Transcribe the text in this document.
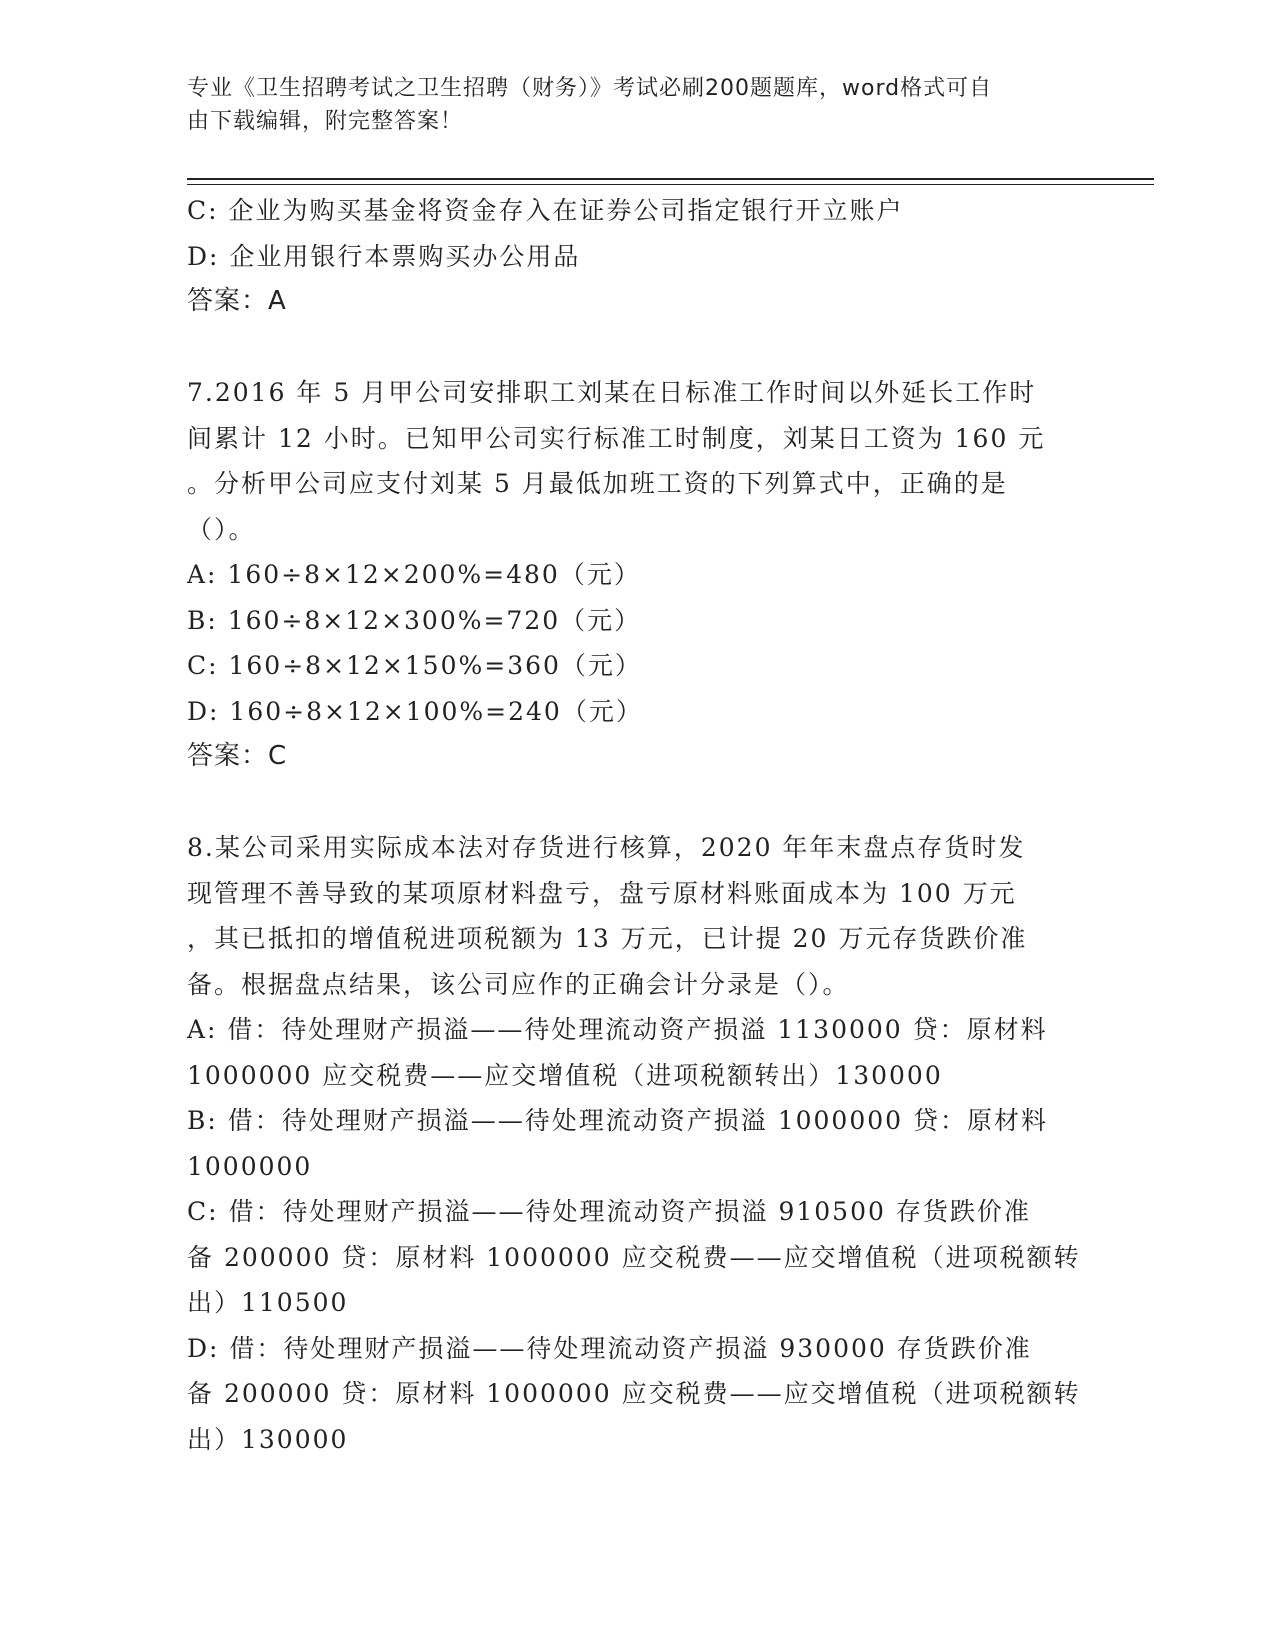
专业《卫生招聘考试之卫生招聘（财务）》考试必刷200题题库，word格式可自
由下载编辑，附完整答案！
C: 企业为购买基金将资金存入在证券公司指定银行开立账户
D: 企业用银行本票购买办公用品
答案：A
7.2016 年 5 月甲公司安排职工刘某在日标准工作时间以外延长工作时
间累计 12 小时。已知甲公司实行标准工时制度，刘某日工资为 160 元
。分析甲公司应支付刘某 5 月最低加班工资的下列算式中，正确的是
（）。
A: 160÷8×12×200%=480（元）
B: 160÷8×12×300%=720（元）
C: 160÷8×12×150%=360（元）
D: 160÷8×12×100%=240（元）
答案：C
8.某公司采用实际成本法对存货进行核算，2020 年年末盘点存货时发
现管理不善导致的某项原材料盘亏，盘亏原材料账面成本为 100 万元
，其已抵扣的增值税进项税额为 13 万元，已计提 20 万元存货跌价准
备。根据盘点结果，该公司应作的正确会计分录是（）。
A: 借：待处理财产损溢——待处理流动资产损溢 1130000 贷：原材料
1000000 应交税费——应交增值税（进项税额转出）130000
B: 借：待处理财产损溢——待处理流动资产损溢 1000000 贷：原材料
1000000
C: 借：待处理财产损溢——待处理流动资产损溢 910500 存货跌价准
备 200000 贷：原材料 1000000 应交税费——应交增值税（进项税额转
出）110500
D: 借：待处理财产损溢——待处理流动资产损溢 930000 存货跌价准
备 200000 贷：原材料 1000000 应交税费——应交增值税（进项税额转
出）130000
